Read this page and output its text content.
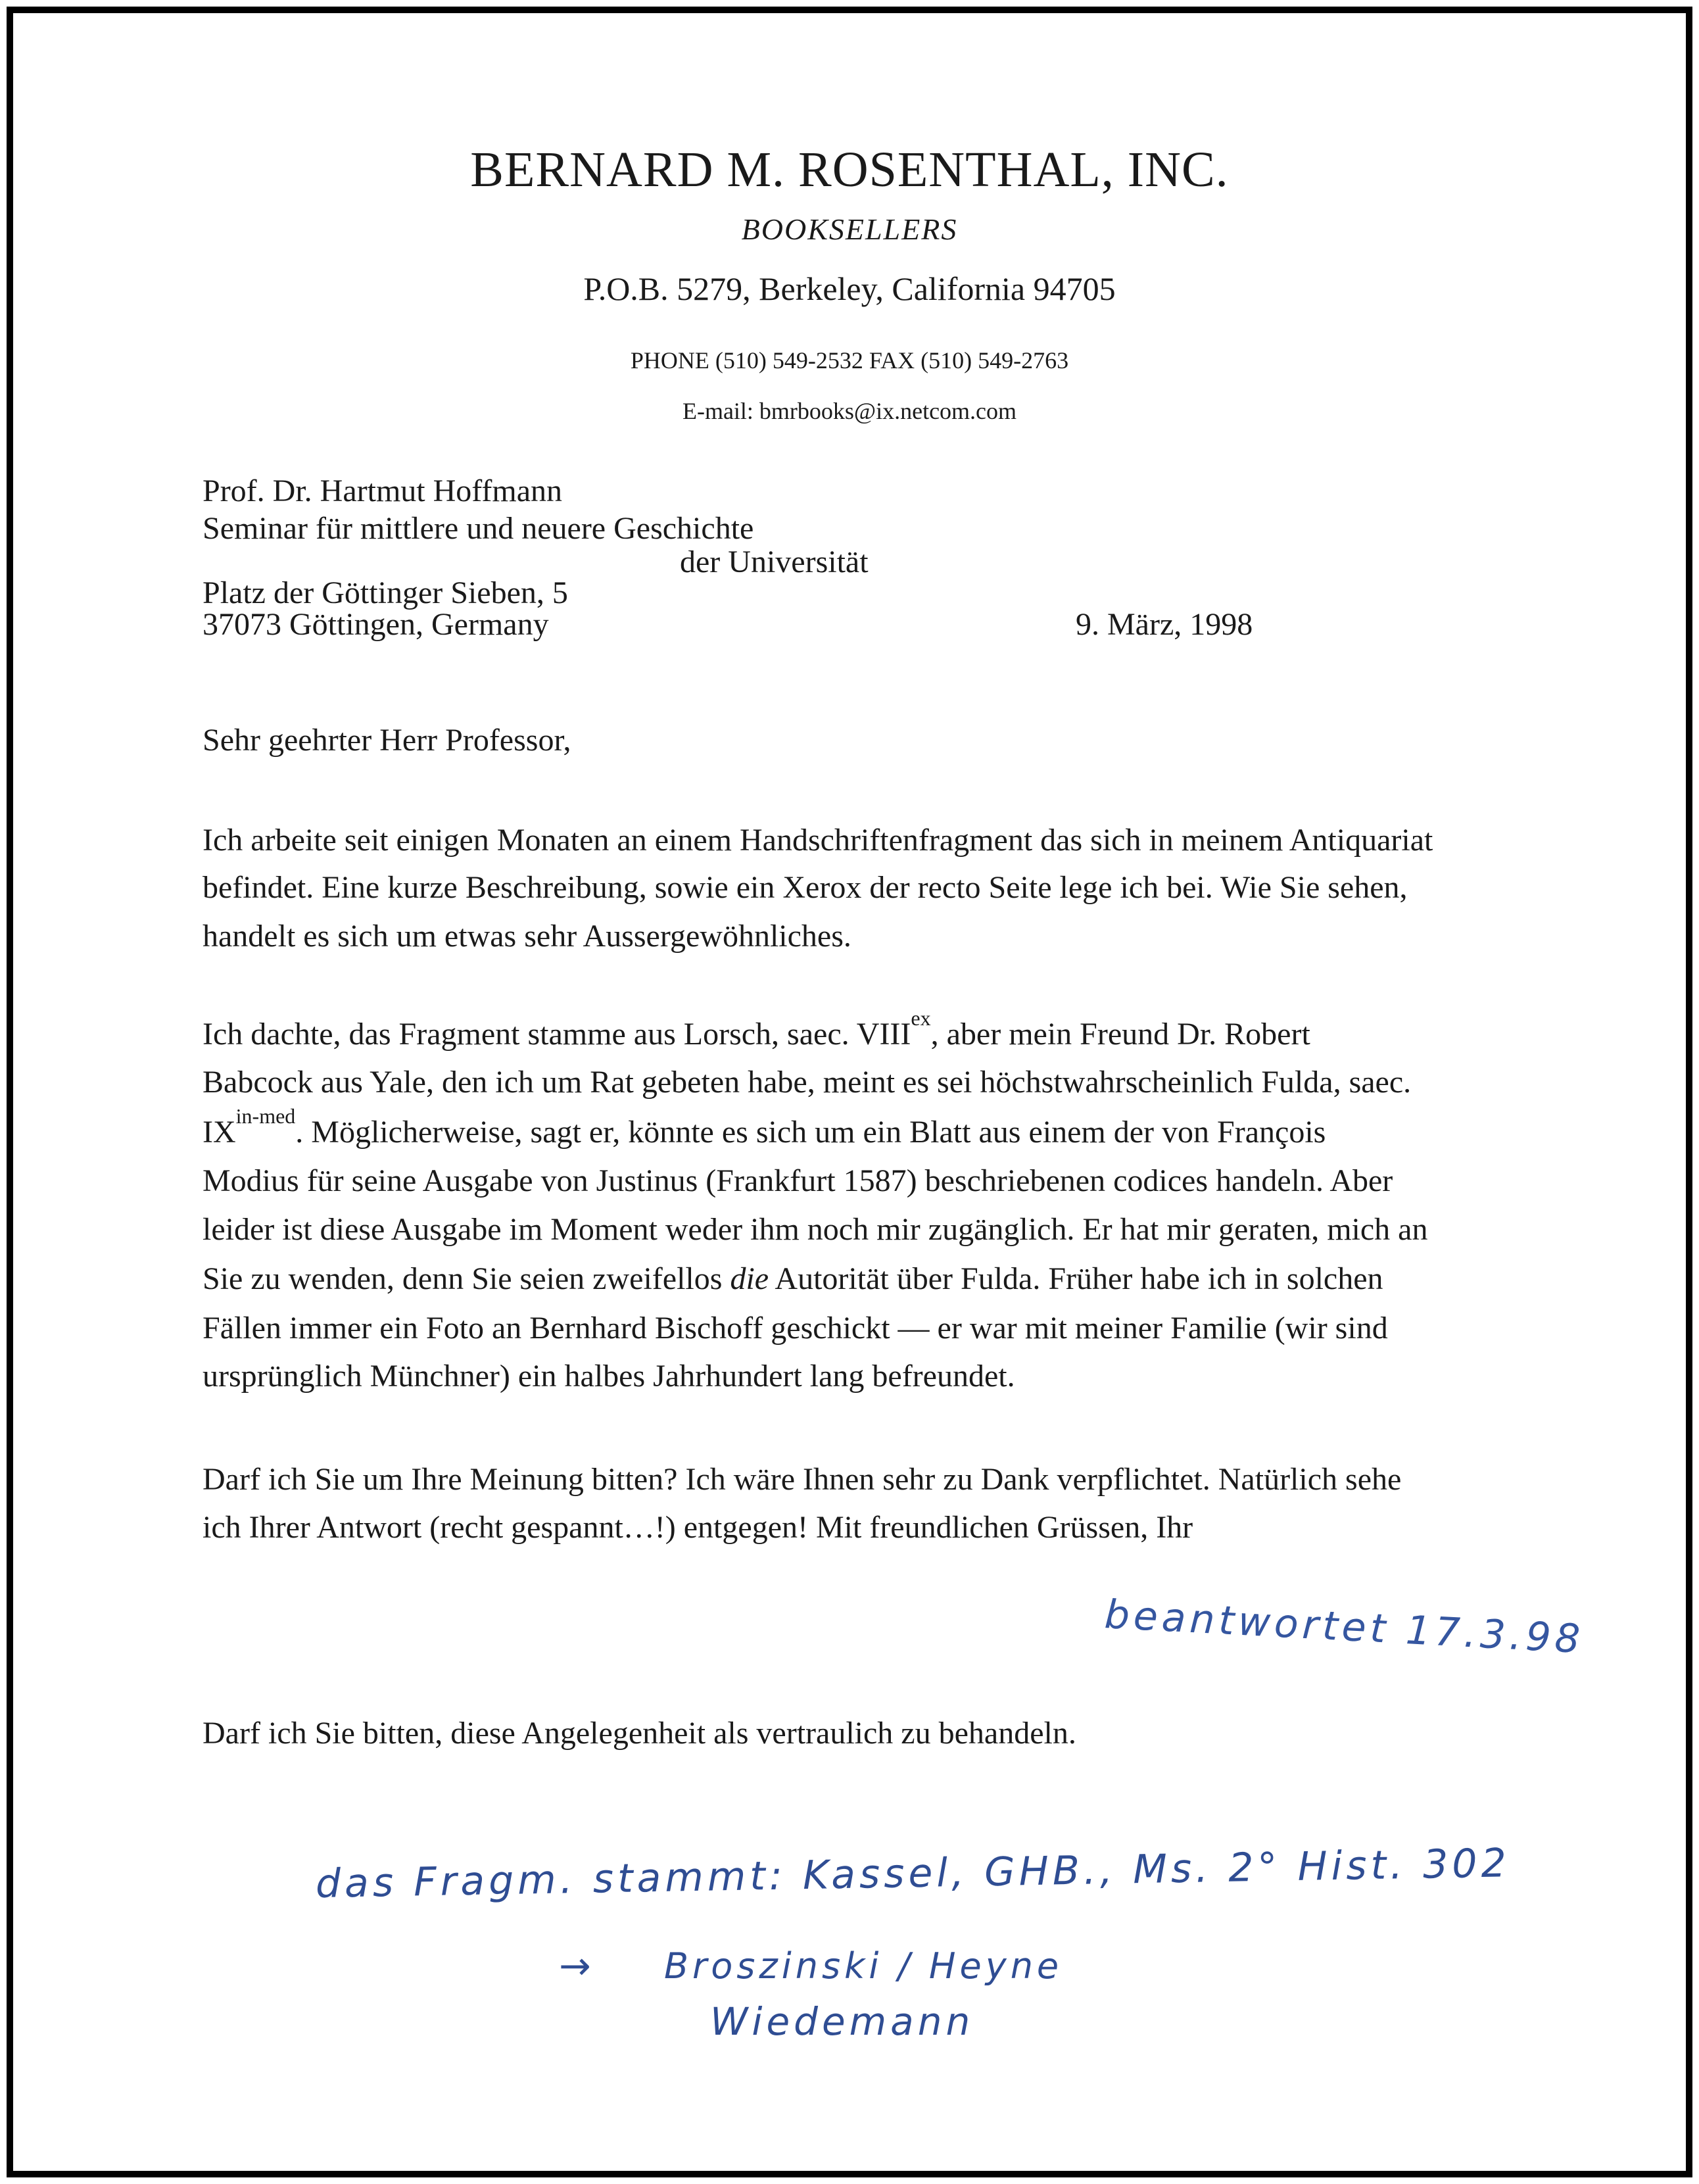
BERNARD M. ROSENTHAL, INC.
BOOKSELLERS
P.O.B. 5279, Berkeley, California 94705
PHONE (510) 549-2532 FAX (510) 549-2763
E-mail: bmrbooks@ix.netcom.com
Prof. Dr. Hartmut Hoffmann
Seminar für mittlere und neuere Geschichte
der Universität
Platz der Göttinger Sieben, 5
37073 Göttingen, Germany	9. März, 1998
Sehr geehrter Herr Professor,
Ich arbeite seit einigen Monaten an einem Handschriftenfragment das sich in meinem Antiquariat
befindet. Eine kurze Beschreibung, sowie ein Xerox der recto Seite lege ich bei. Wie Sie sehen,
handelt es sich um etwas sehr Aussergewöhnliches.
Ich dachte, das Fragment stamme aus Lorsch, saec. $VIII^{ex}$, aber mein Freund Dr. Robert
Babcock aus Yale, den ich um Rat gebeten habe, meint es sei höchstwahrscheinlich Fulda, saec.
$IX^{in-med}$. Möglicherweise, sagt er, könnte es sich um ein Blatt aus einem der von François
Modius für seine Ausgabe von Justinus (Frankfurt 1587) beschriebenen codices handeln. Aber
leider ist diese Ausgabe im Moment weder ihm noch mir zugänglich. Er hat mir geraten, mich an
Sie zu wenden, denn Sie seien zweifellos die Autorität über Fulda. Früher habe ich in solchen
Fällen immer ein Foto an Bernhard Bischoff geschickt — er war mit meiner Familie (wir sind
ursprünglich Münchner) ein halbes Jahrhundert lang befreundet.
Darf ich Sie um Ihre Meinung bitten? Ich wäre Ihnen sehr zu Dank verpflichtet. Natürlich sehe
ich Ihrer Antwort (recht gespannt…!) entgegen! Mit freundlichen Grüssen, Ihr
beantwortet 17.3.98
Darf ich Sie bitten, diese Angelegenheit als vertraulich zu behandeln.
das Fragm. stammt: Kassel, GHB., Ms. 2° Hist. 302
→ Broszinski / Heyne
Wiedemann
